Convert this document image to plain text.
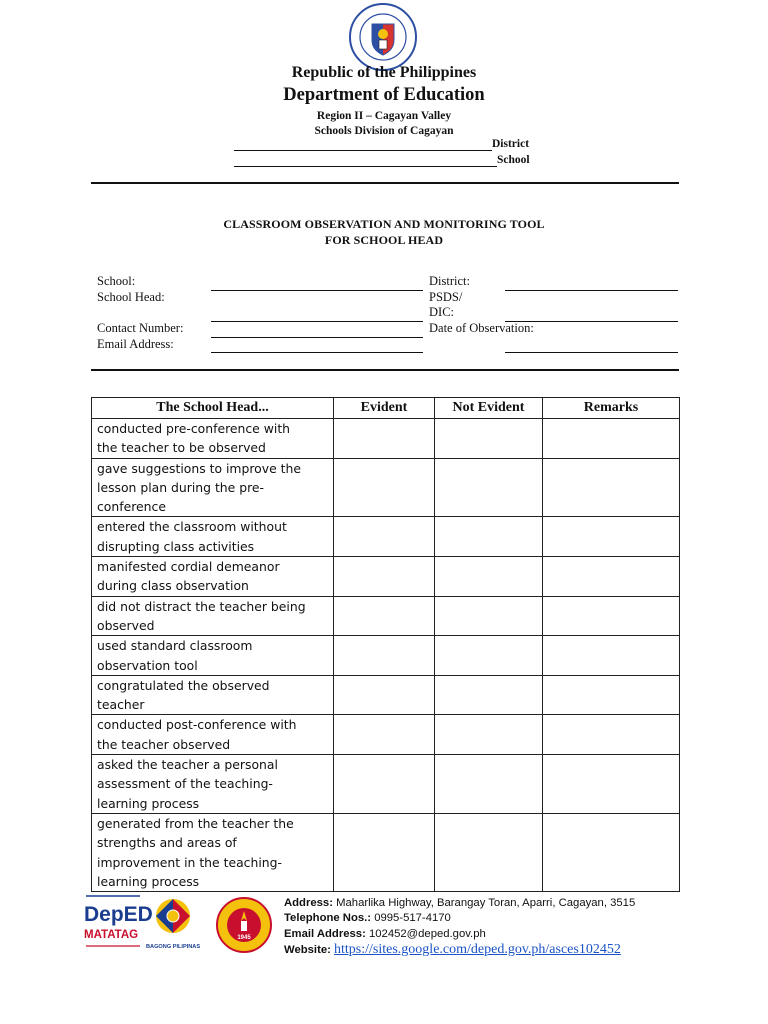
Republic of the Philippines
Department of Education
Region II – Cagayan Valley
Schools Division of Cagayan
District
School
CLASSROOM OBSERVATION AND MONITORING TOOL
FOR SCHOOL HEAD
School:
School Head:
Contact Number:
Email Address:
District:
PSDS/
DIC:
Date of Observation:
The School Head...	Evident	Not Evident	Remarks

conducted pre-conference with
the teacher to be observed			

gave suggestions to improve the
lesson plan during the pre-
conference			

entered the classroom without
disrupting class activities			

manifested cordial demeanor
during class observation			

did not distract the teacher being
observed			

used standard classroom
observation tool			

congratulated the observed
teacher			

conducted post-conference with
the teacher observed			

asked the teacher a personal
assessment of the teaching-
learning process			

generated from the teacher the
strengths and areas of
improvement in the teaching-
learning process			

DepED
MATATAG
BAGONG PILIPINAS
1945
Address: Maharlika Highway, Barangay Toran, Aparri, Cagayan, 3515
Telephone Nos.: 0995-517-4170
Email Address: 102452@deped.gov.ph
Website: https://sites.google.com/deped.gov.ph/asces102452
